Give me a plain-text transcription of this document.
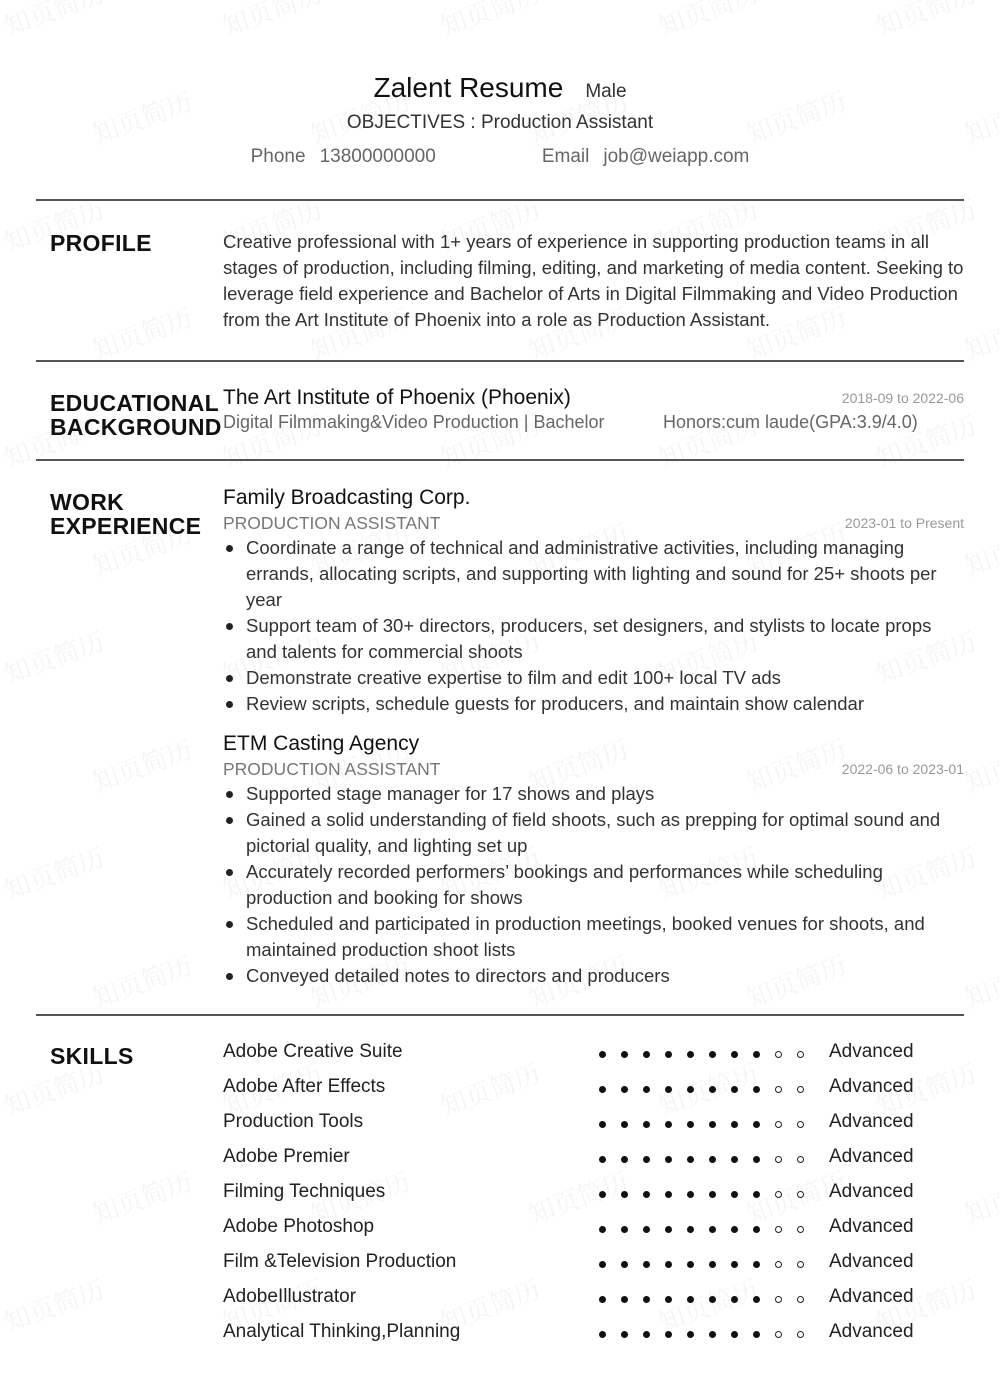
Zalent Resume Male
OBJECTIVES : Production Assistant
Phone 13800000000	Email job@weiapp.com
PROFILE	Creative professional with 1+ years of experience in supporting production teams in all stages of production, including filming, editing, and marketing of media content. Seeking to leverage field experience and Bachelor of Arts in Digital Filmmaking and Video Production from the Art Institute of Phoenix into a role as Production Assistant.

EDUCATIONAL
BACKGROUND
The Art Institute of Phoenix (Phoenix)	2018-09 to 2022-06
Digital Filmmaking&Video Production | Bachelor	Honors:cum laude(GPA:3.9/4.0)
WORK
EXPERIENCE
Family Broadcasting Corp.
PRODUCTION ASSISTANT	2023-01 to Present
Coordinate a range of technical and administrative activities, including managing errands, allocating scripts, and supporting with lighting and sound for 25+ shoots per year
Support team of 30+ directors, producers, set designers, and stylists to locate props and talents for commercial shoots
Demonstrate creative expertise to film and edit 100+ local TV ads
Review scripts, schedule guests for producers, and maintain show calendar
ETM Casting Agency
PRODUCTION ASSISTANT	2022-06 to 2023-01
Supported stage manager for 17 shows and plays
Gained a solid understanding of field shoots, such as prepping for optimal sound and pictorial quality, and lighting set up
Accurately recorded performers’ bookings and performances while scheduling production and booking for shows
Scheduled and participated in production meetings, booked venues for shoots, and maintained production shoot lists
Conveyed detailed notes to directors and producers
SKILLS	Adobe Creative Suite	Advanced
Adobe After Effects	Advanced
Production Tools	Advanced
Adobe Premier	Advanced
Filming Techniques	Advanced
Adobe Photoshop	Advanced
Film &Television Production	Advanced
AdobeIllustrator	Advanced
Analytical Thinking,Planning	Advanced
